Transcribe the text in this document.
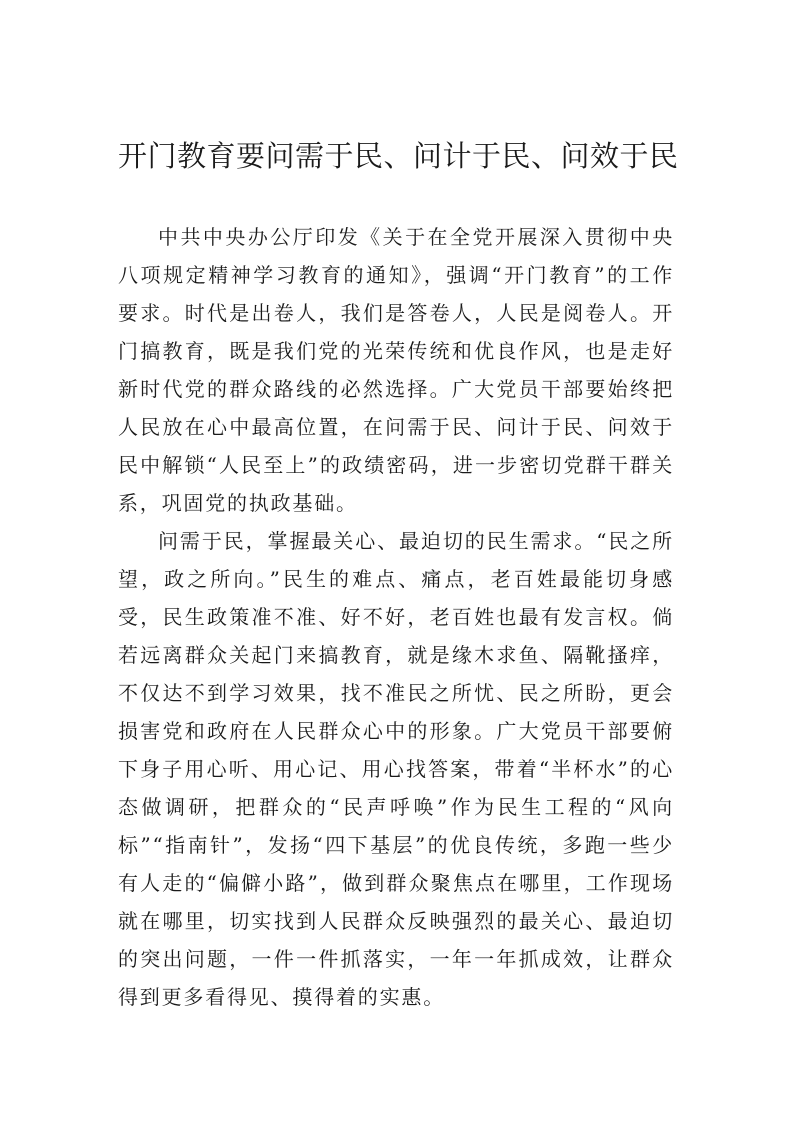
开门教育要问需于民、问计于民、问效于民

中共中央办公厅印发《关于在全党开展深入贯彻中央八项规定精神学习教育的通知》，强调“开门教育”的工作要求。时代是出卷人，我们是答卷人，人民是阅卷人。开门搞教育，既是我们党的光荣传统和优良作风，也是走好新时代党的群众路线的必然选择。广大党员干部要始终把人民放在心中最高位置，在问需于民、问计于民、问效于民中解锁“人民至上”的政绩密码，进一步密切党群干群关系，巩固党的执政基础。

问需于民，掌握最关心、最迫切的民生需求。“民之所望，政之所向。”民生的难点、痛点，老百姓最能切身感受，民生政策准不准、好不好，老百姓也最有发言权。倘若远离群众关起门来搞教育，就是缘木求鱼、隔靴搔痒，不仅达不到学习效果，找不准民之所忧、民之所盼，更会损害党和政府在人民群众心中的形象。广大党员干部要俯下身子用心听、用心记、用心找答案，带着“半杯水”的心态做调研，把群众的“民声呼唤”作为民生工程的“风向标”“指南针”，发扬“四下基层”的优良传统，多跑一些少有人走的“偏僻小路”，做到群众聚焦点在哪里，工作现场就在哪里，切实找到人民群众反映强烈的最关心、最迫切的突出问题，一件一件抓落实，一年一年抓成效，让群众得到更多看得见、摸得着的实惠。
